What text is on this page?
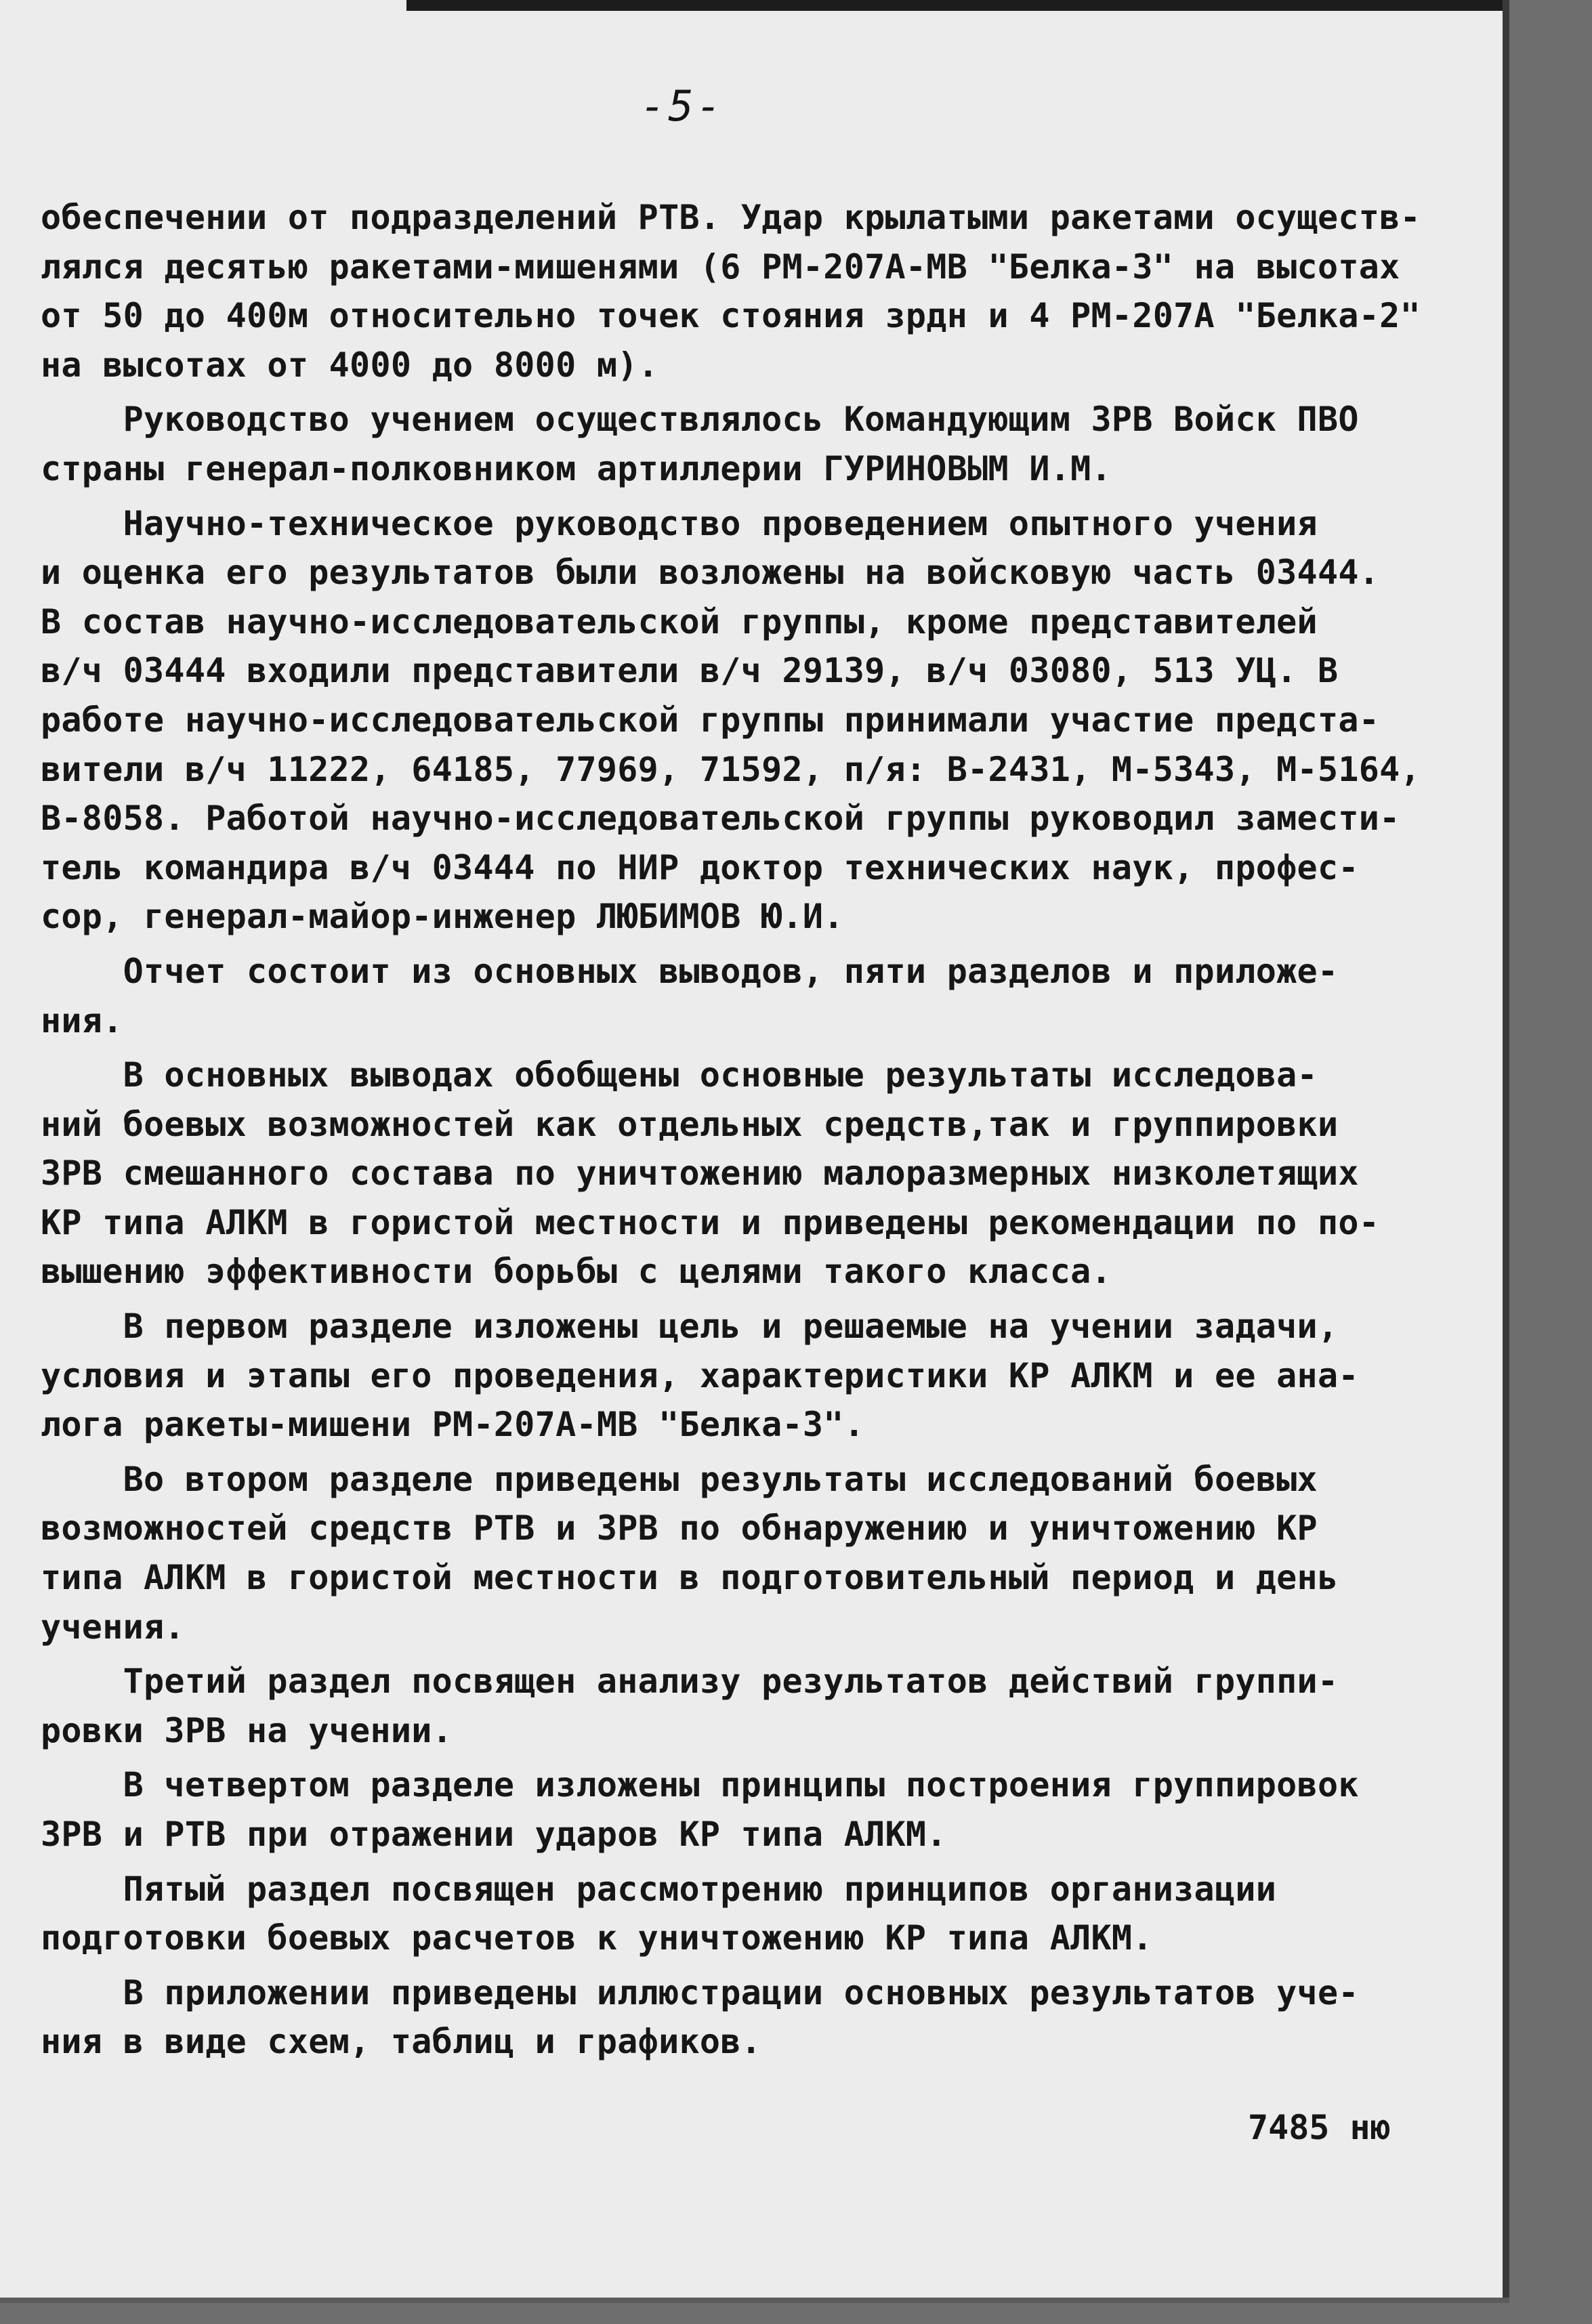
-5-
обеспечении от подразделений РТВ. Удар крылатыми ракетами осуществ-
лялся десятью ракетами-мишенями (6 РМ-207А-МВ "Белка-3" на высотах
от 50 до 400м относительно точек стояния зрдн и 4 РМ-207А "Белка-2"
на высотах от 4000 до 8000 м).
Руководство учением осуществлялось Командующим ЗРВ Войск ПВО
страны генерал-полковником артиллерии ГУРИНОВЫМ И.М.
Научно-техническое руководство проведением опытного учения
и оценка его результатов были возложены на войсковую часть 03444.
В состав научно-исследовательской группы, кроме представителей
в/ч 03444 входили представители в/ч 29139, в/ч 03080, 513 УЦ. В
работе научно-исследовательской группы принимали участие предста-
вители в/ч 11222, 64185, 77969, 71592, п/я: В-2431, М-5343, М-5164,
В-8058. Работой научно-исследовательской группы руководил замести-
тель командира в/ч 03444 по НИР доктор технических наук, профес-
сор, генерал-майор-инженер ЛЮБИМОВ Ю.И.
Отчет состоит из основных выводов, пяти разделов и приложе-
ния.
В основных выводах обобщены основные результаты исследова-
ний боевых возможностей как отдельных средств,так и группировки
ЗРВ смешанного состава по уничтожению малоразмерных низколетящих
КР типа АЛКМ в гористой местности и приведены рекомендации по по-
вышению эффективности борьбы с целями такого класса.
В первом разделе изложены цель и решаемые на учении задачи,
условия и этапы его проведения, характеристики КР АЛКМ и ее ана-
лога ракеты-мишени РМ-207А-МВ "Белка-3".
Во втором разделе приведены результаты исследований боевых
возможностей средств РТВ и ЗРВ по обнаружению и уничтожению КР
типа АЛКМ в гористой местности в подготовительный период и день
учения.
Третий раздел посвящен анализу результатов действий группи-
ровки ЗРВ на учении.
В четвертом разделе изложены принципы построения группировок
ЗРВ и РТВ при отражении ударов КР типа АЛКМ.
Пятый раздел посвящен рассмотрению принципов организации
подготовки боевых расчетов к уничтожению КР типа АЛКМ.
В приложении приведены иллюстрации основных результатов уче-
ния в виде схем, таблиц и графиков.
7485 ню
